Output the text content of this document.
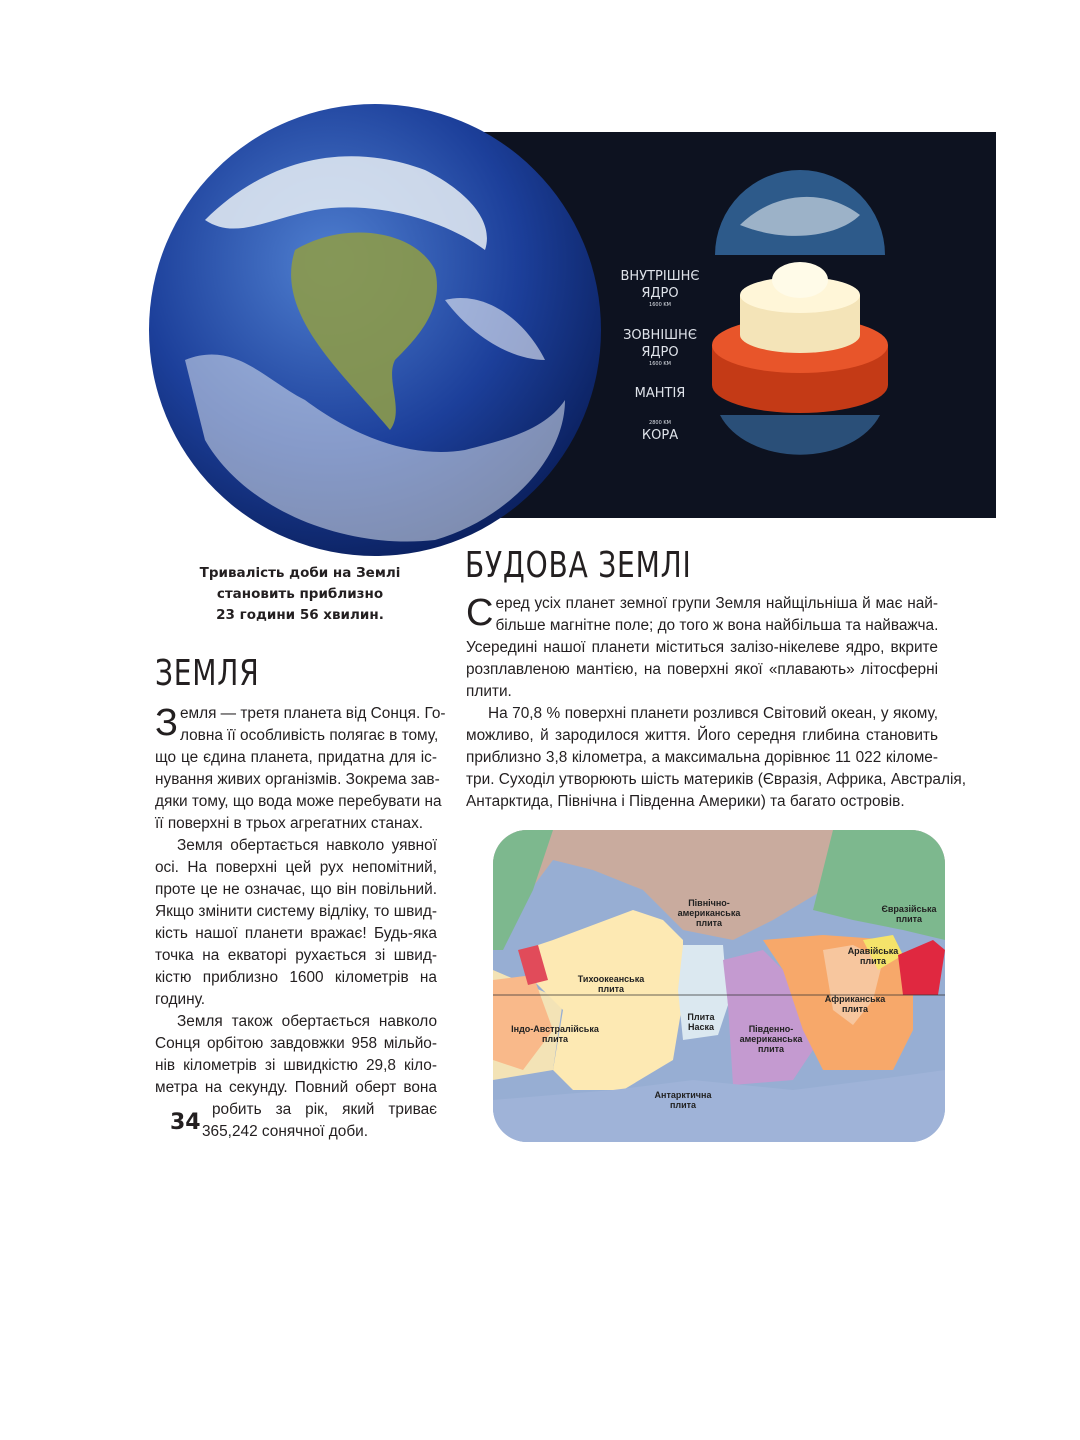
ВНУТРІШНЄ
ЯДРО
1600 KM
ЗОВНІШНЄ
ЯДРО
1600 KM
МАНТІЯ
2800 KM
КОРА
Тривалість доби на Землі
становить приблизно
23 години 56 хвилин.
БУДОВА ЗЕМЛІ
С еред усіх планет земної групи Земля найщільніша й має най-
більше магнітне поле; до того ж вона найбільша та найважча.
Усередині нашої планети міститься залізо-нікелеве ядро, вкрите
розплавленою мантією, на поверхні якої «плавають» літосферні
плити.
На 70,8 % поверхні планети розлився Світовий океан, у якому,
можливо, й зародилося життя. Його середня глибина становить
приблизно 3,8 кілометра, а максимальна дорівнює 11 022 кіломе-
три. Суходіл утворюють шість материків (Євразія, Африка, Австралія,
Антарктида, Північна і Південна Америки) та багато островів.
ЗЕМЛЯ
З емля — третя планета від Сонця. Го-
ловна її особливість полягає в тому,
що це єдина планета, придатна для іс-
нування живих організмів. Зокрема зав-
дяки тому, що вода може перебувати на
її поверхні в трьох агрегатних станах.
Земля обертається навколо уявної
осі. На поверхні цей рух непомітний,
проте це не означає, що він повільний.
Якщо змінити систему відліку, то швид-
кість нашої планети вражає! Будь-яка
точка на екваторі рухається зі швид-
кістю приблизно 1600 кілометрів на
годину.
Земля також обертається навколо
Сонця орбітою завдовжки 958 мільйо-
нів кілометрів зі швидкістю 29,8 кіло-
метра на секунду. Повний оберт вона
робить за рік, який триває
365,242 сонячної доби.
34
Північно-
американська
плита
Євразійська
плита
Аравійська
плита
Тихоокеанська
плита
Африканська
плита
Індо-Австралійська
плита
Плита
Наска	Південно-
американська
плита
Антарктична
плита
